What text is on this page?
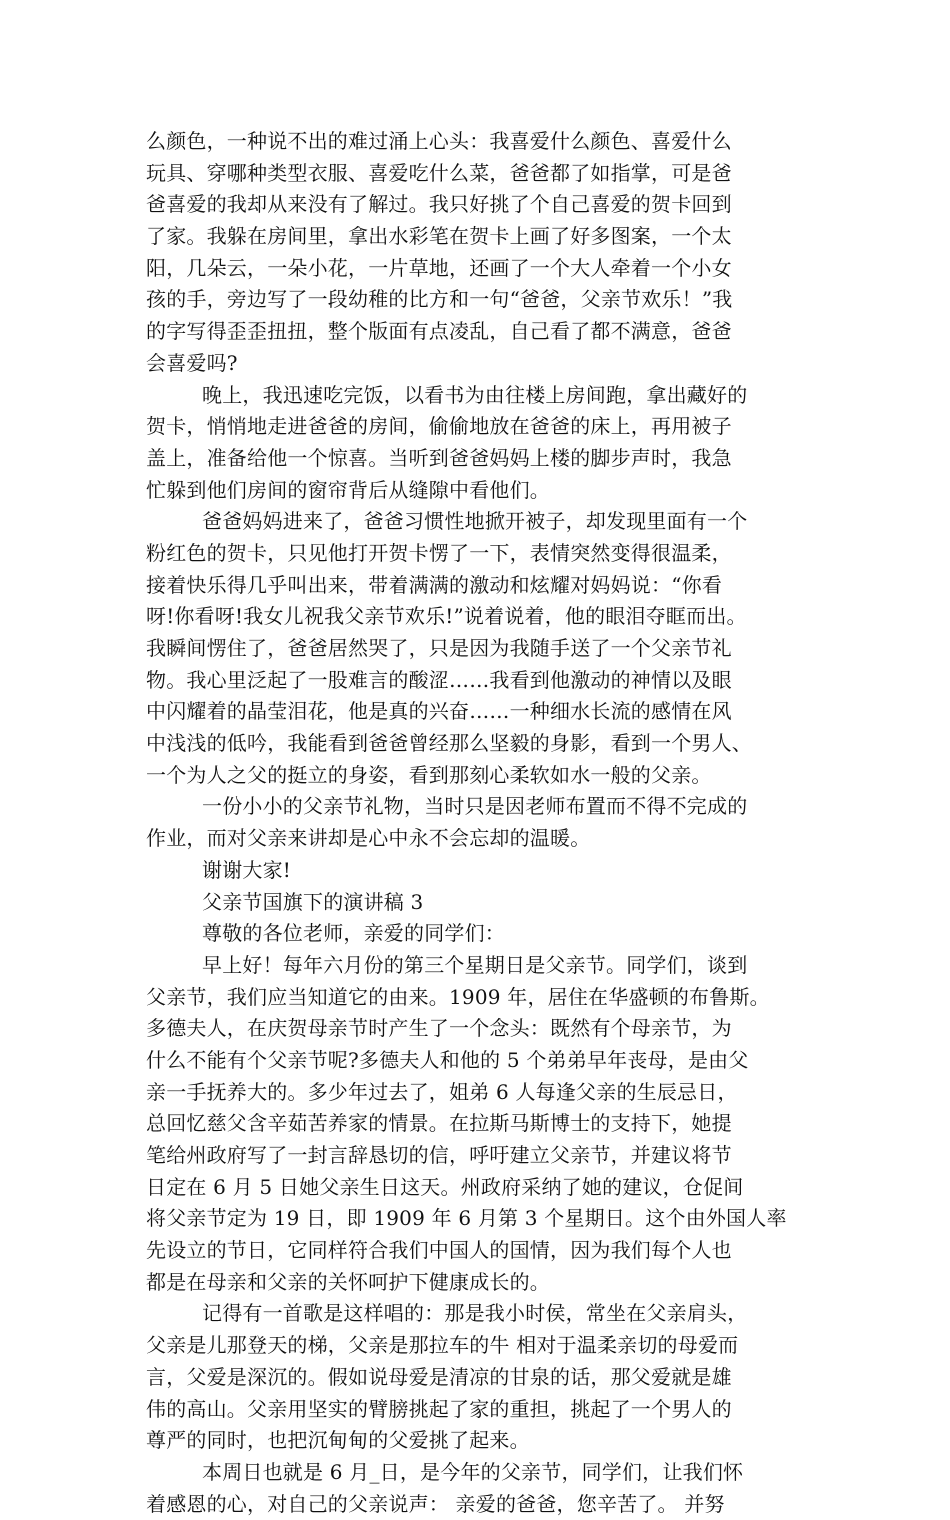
么颜色，一种说不出的难过涌上心头：我喜爱什么颜色、喜爱什么
玩具、穿哪种类型衣服、喜爱吃什么菜，爸爸都了如指掌，可是爸
爸喜爱的我却从来没有了解过。我只好挑了个自己喜爱的贺卡回到
了家。我躲在房间里，拿出水彩笔在贺卡上画了好多图案，一个太
阳，几朵云，一朵小花，一片草地，还画了一个大人牵着一个小女
孩的手，旁边写了一段幼稚的比方和一句“爸爸，父亲节欢乐！”我
的字写得歪歪扭扭，整个版面有点凌乱，自己看了都不满意，爸爸
会喜爱吗?
晚上，我迅速吃完饭，以看书为由往楼上房间跑，拿出藏好的
贺卡，悄悄地走进爸爸的房间，偷偷地放在爸爸的床上，再用被子
盖上，准备给他一个惊喜。当听到爸爸妈妈上楼的脚步声时，我急
忙躲到他们房间的窗帘背后从缝隙中看他们。
爸爸妈妈进来了，爸爸习惯性地掀开被子，却发现里面有一个
粉红色的贺卡，只见他打开贺卡愣了一下，表情突然变得很温柔，
接着快乐得几乎叫出来，带着满满的激动和炫耀对妈妈说：“你看
呀!你看呀!我女儿祝我父亲节欢乐!”说着说着，他的眼泪夺眶而出。
我瞬间愣住了，爸爸居然哭了，只是因为我随手送了一个父亲节礼
物。我心里泛起了一股难言的酸涩……我看到他激动的神情以及眼
中闪耀着的晶莹泪花，他是真的兴奋……一种细水长流的感情在风
中浅浅的低吟，我能看到爸爸曾经那么坚毅的身影，看到一个男人、
一个为人之父的挺立的身姿，看到那刻心柔软如水一般的父亲。
一份小小的父亲节礼物，当时只是因老师布置而不得不完成的
作业，而对父亲来讲却是心中永不会忘却的温暖。
谢谢大家!
父亲节国旗下的演讲稿 3
尊敬的各位老师，亲爱的同学们：
早上好！每年六月份的第三个星期日是父亲节。同学们，谈到
父亲节，我们应当知道它的由来。1909 年，居住在华盛顿的布鲁斯。
多德夫人，在庆贺母亲节时产生了一个念头：既然有个母亲节，为
什么不能有个父亲节呢?多德夫人和他的 5 个弟弟早年丧母，是由父
亲一手抚养大的。多少年过去了，姐弟 6 人每逢父亲的生辰忌日，
总回忆慈父含辛茹苦养家的情景。在拉斯马斯博士的支持下，她提
笔给州政府写了一封言辞恳切的信，呼吁建立父亲节，并建议将节
日定在 6 月 5 日她父亲生日这天。州政府采纳了她的建议，仓促间
将父亲节定为 19 日，即 1909 年 6 月第 3 个星期日。这个由外国人率
先设立的节日，它同样符合我们中国人的国情，因为我们每个人也
都是在母亲和父亲的关怀呵护下健康成长的。
记得有一首歌是这样唱的：那是我小时侯，常坐在父亲肩头，
父亲是儿那登天的梯，父亲是那拉车的牛 相对于温柔亲切的母爱而
言，父爱是深沉的。假如说母爱是清凉的甘泉的话，那父爱就是雄
伟的高山。父亲用坚实的臂膀挑起了家的重担，挑起了一个男人的
尊严的同时，也把沉甸甸的父爱挑了起来。
本周日也就是 6 月_日，是今年的父亲节，同学们，让我们怀
着感恩的心，对自己的父亲说声： 亲爱的爸爸，您辛苦了。 并努
